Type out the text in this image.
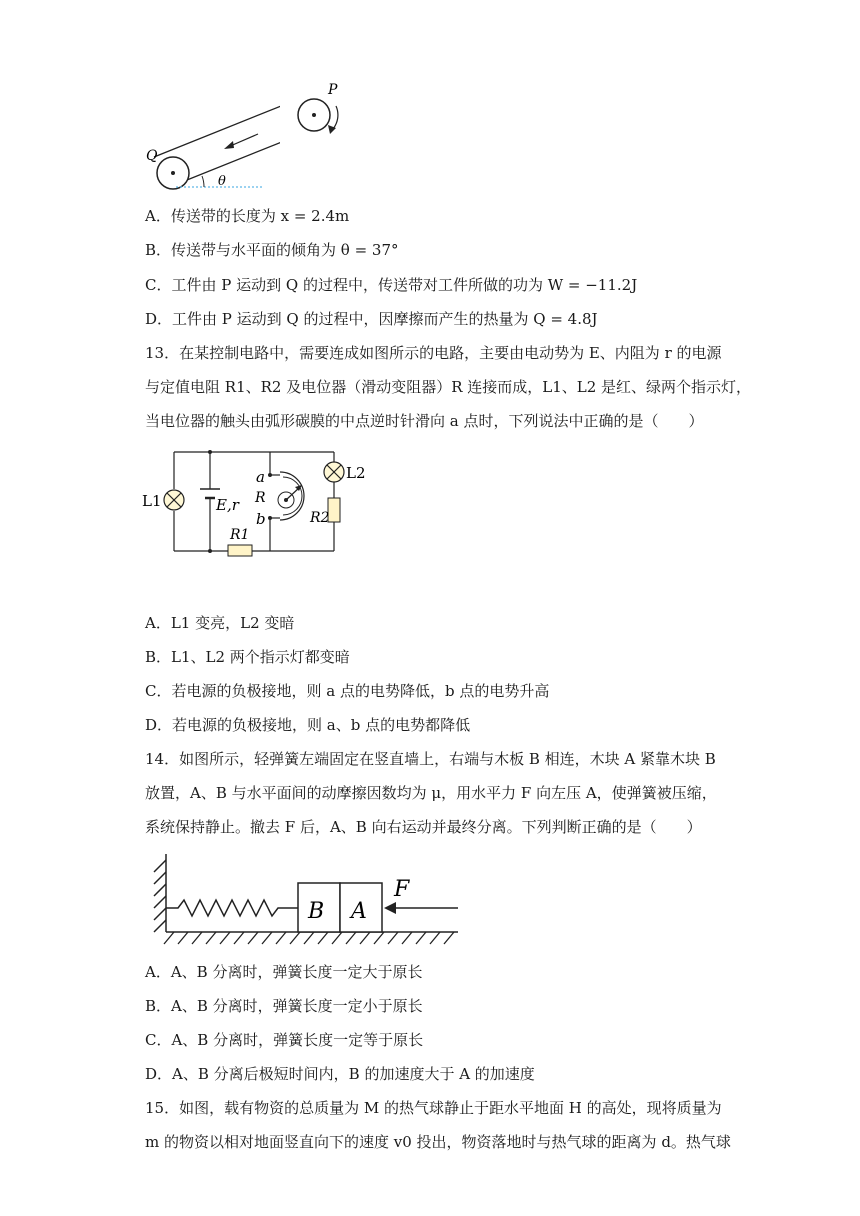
θ
Q
P
A．传送带的长度为 x = 2.4m
B．传送带与水平面的倾角为 θ = 37°
C．工件由 P 运动到 Q 的过程中，传送带对工件所做的功为 W = −11.2J
D．工件由 P 运动到 Q 的过程中，因摩擦而产生的热量为 Q = 4.8J
13．在某控制电路中，需要连成如图所示的电路，主要由电动势为 E、内阻为 r 的电源
与定值电阻 R1、R2 及电位器（滑动变阻器）R 连接而成，L1、L2 是红、绿两个指示灯，
当电位器的触头由弧形碳膜的中点逆时针滑向 a 点时，下列说法中正确的是（　　）
L1
L2
E,r
R1
R2
R
a
b
A．L1 变亮，L2 变暗
B．L1、L2 两个指示灯都变暗
C．若电源的负极接地，则 a 点的电势降低，b 点的电势升高
D．若电源的负极接地，则 a、b 点的电势都降低
14．如图所示，轻弹簧左端固定在竖直墙上，右端与木板 B 相连，木块 A 紧靠木块 B
放置，A、B 与水平面间的动摩擦因数均为 μ，用水平力 F 向左压 A，使弹簧被压缩，
系统保持静止。撤去 F 后，A、B 向右运动并最终分离。下列判断正确的是（　　）
B A
F
A．A、B 分离时，弹簧长度一定大于原长
B．A、B 分离时，弹簧长度一定小于原长
C．A、B 分离时，弹簧长度一定等于原长
D．A、B 分离后极短时间内，B 的加速度大于 A 的加速度
15．如图，载有物资的总质量为 M 的热气球静止于距水平地面 H 的高处，现将质量为
m 的物资以相对地面竖直向下的速度 v0 投出，物资落地时与热气球的距离为 d。热气球
